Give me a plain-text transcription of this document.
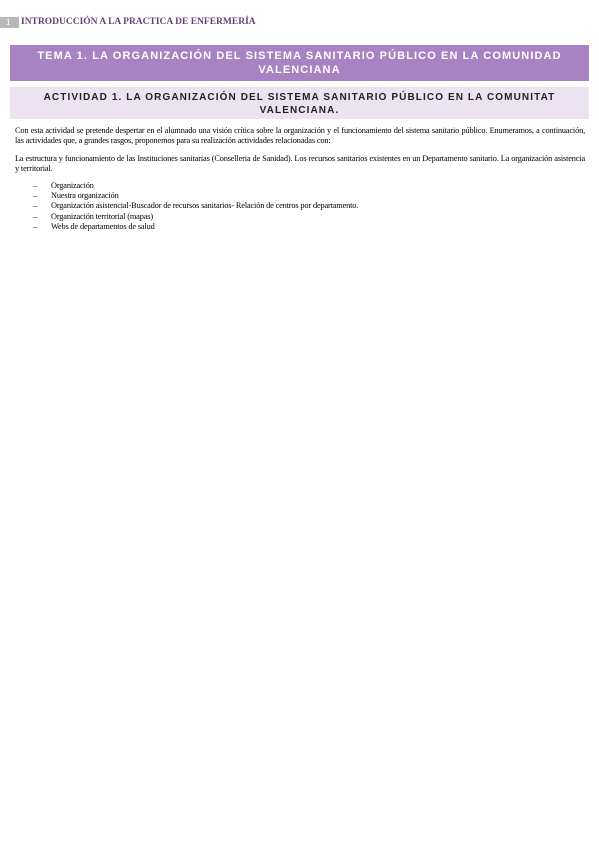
1	INTRODUCCIÓN A LA PRACTICA DE ENFERMERÍA
TEMA 1. LA ORGANIZACIÓN DEL SISTEMA SANITARIO PÚBLICO EN LA COMUNIDAD
VALENCIANA
ACTIVIDAD 1. LA ORGANIZACIÓN DEL SISTEMA SANITARIO PÚBLICO EN LA COMUNITAT
VALENCIANA.
Con esta actividad se pretende despertar en el alumnado una visión crítica sobre la organización y el funcionamiento del sistema sanitario público. Enumeramos, a continuación, las actividades que, a grandes rasgos, proponemos para su realización actividades relacionadas con:
La estructura y funcionamiento de las Instituciones sanitarias (Conselleria de Sanidad). Los recursos sanitarios existentes en un Departamento sanitario. La organización asistencia y territorial.
–	Organización
–	Nuestra organización
–	Organización asistencial-Buscador de recursos sanitarios- Relación de centros por departamento.
–	Organización territorial (mapas)
–	Webs de departamentos de salud
